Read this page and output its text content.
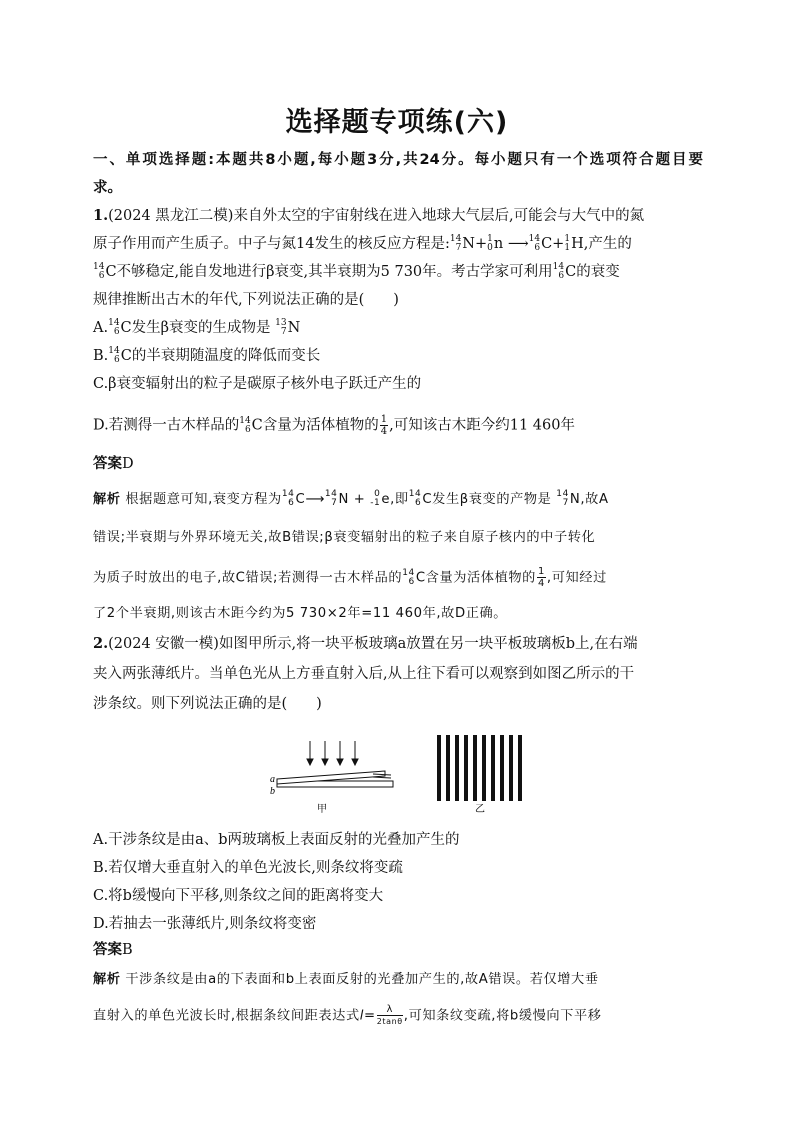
选择题专项练(六)
一、单项选择题:本题共8小题,每小题3分,共24分。每小题只有一个选项符合题目要
求。
1.(2024 黑龙江二模)来自外太空的宇宙射线在进入地球大气层后,可能会与大气中的氮
原子作用而产生质子。中子与氮14发生的核反应方程是: 14
7 N+ 1
0 n ⟶ 14
6 C+ 1
1 H,产生的
14
6 C不够稳定,能自发地进行β衰变,其半衰期为5 730年。考古学家可利用 14
6 C的衰变
规律推断出古木的年代,下列说法正确的是(　　)
A. 14
6 C发生β衰变的生成物是 13
7 N
B. 14
6 C的半衰期随温度的降低而变长
C.β衰变辐射出的粒子是碳原子核外电子跃迁产生的
D.若测得一古木样品的 14
6 C含量为活体植物的 $\frac{1}{4}$ ,可知该古木距今约11 460年
答案D
解析 根据题意可知,衰变方程为 14
6 C⟶ 14
7 N + 0
-1 e,即 14
6 C发生β衰变的产物是 14
7 N,故A
错误;半衰期与外界环境无关,故B错误;β衰变辐射出的粒子来自原子核内的中子转化
为质子时放出的电子,故C错误;若测得一古木样品的 14
6 C含量为活体植物的 $\frac{1}{4}$ ,可知经过
了2个半衰期,则该古木距今约为5 730×2年=11 460年,故D正确。
2.(2024 安徽一模)如图甲所示,将一块平板玻璃a放置在另一块平板玻璃板b上,在右端
夹入两张薄纸片。当单色光从上方垂直射入后,从上往下看可以观察到如图乙所示的干
涉条纹。则下列说法正确的是(　　)
a
b
甲	乙
A.干涉条纹是由a、b两玻璃板上表面反射的光叠加产生的
B.若仅增大垂直射入的单色光波长,则条纹将变疏
C.将b缓慢向下平移,则条纹之间的距离将变大
D.若抽去一张薄纸片,则条纹将变密
答案B
解析 干涉条纹是由a的下表面和b上表面反射的光叠加产生的,故A错误。若仅增大垂
直射入的单色光波长时,根据条纹间距表达式$l= \frac{\lambda}{2\tan\theta}$ ,可知条纹变疏,将b缓慢向下平移
